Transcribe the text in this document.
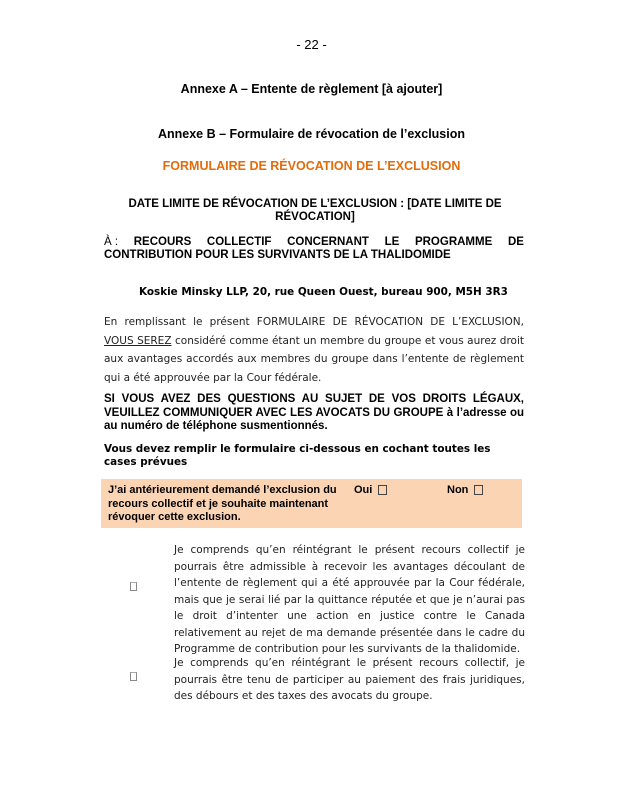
- 22 -
Annexe A – Entente de règlement [à ajouter]
Annexe B – Formulaire de révocation de l’exclusion
FORMULAIRE DE RÉVOCATION DE L’EXCLUSION
DATE LIMITE DE RÉVOCATION DE L’EXCLUSION : [DATE LIMITE DE RÉVOCATION]
À : RECOURS COLLECTIF CONCERNANT LE PROGRAMME DE
CONTRIBUTION POUR LES SURVIVANTS DE LA THALIDOMIDE
Koskie Minsky LLP, 20, rue Queen Ouest, bureau 900, M5H 3R3
En remplissant le présent FORMULAIRE DE RÉVOCATION DE L’EXCLUSION, VOUS SEREZ considéré comme étant un membre du groupe et vous aurez droit aux avantages accordés aux membres du groupe dans l’entente de règlement qui a été approuvée par la Cour fédérale.
SI VOUS AVEZ DES QUESTIONS AU SUJET DE VOS DROITS LÉGAUX, VEUILLEZ COMMUNIQUER AVEC LES AVOCATS DU GROUPE à l’adresse ou au numéro de téléphone susmentionnés.
Vous devez remplir le formulaire ci-dessous en cochant toutes les cases prévues
J’ai antérieurement demandé l’exclusion du recours collectif et je souhaite maintenant révoquer cette exclusion.
Oui	Non
Je comprends qu’en réintégrant le présent recours collectif je pourrais être admissible à recevoir les avantages découlant de l’entente de règlement qui a été approuvée par la Cour fédérale, mais que je serai lié par la quittance réputée et que je n’aurai pas le droit d’intenter une action en justice contre le Canada relativement au rejet de ma demande présentée dans le cadre du Programme de contribution pour les survivants de la thalidomide.
Je comprends qu’en réintégrant le présent recours collectif, je pourrais être tenu de participer au paiement des frais juridiques, des débours et des taxes des avocats du groupe.
